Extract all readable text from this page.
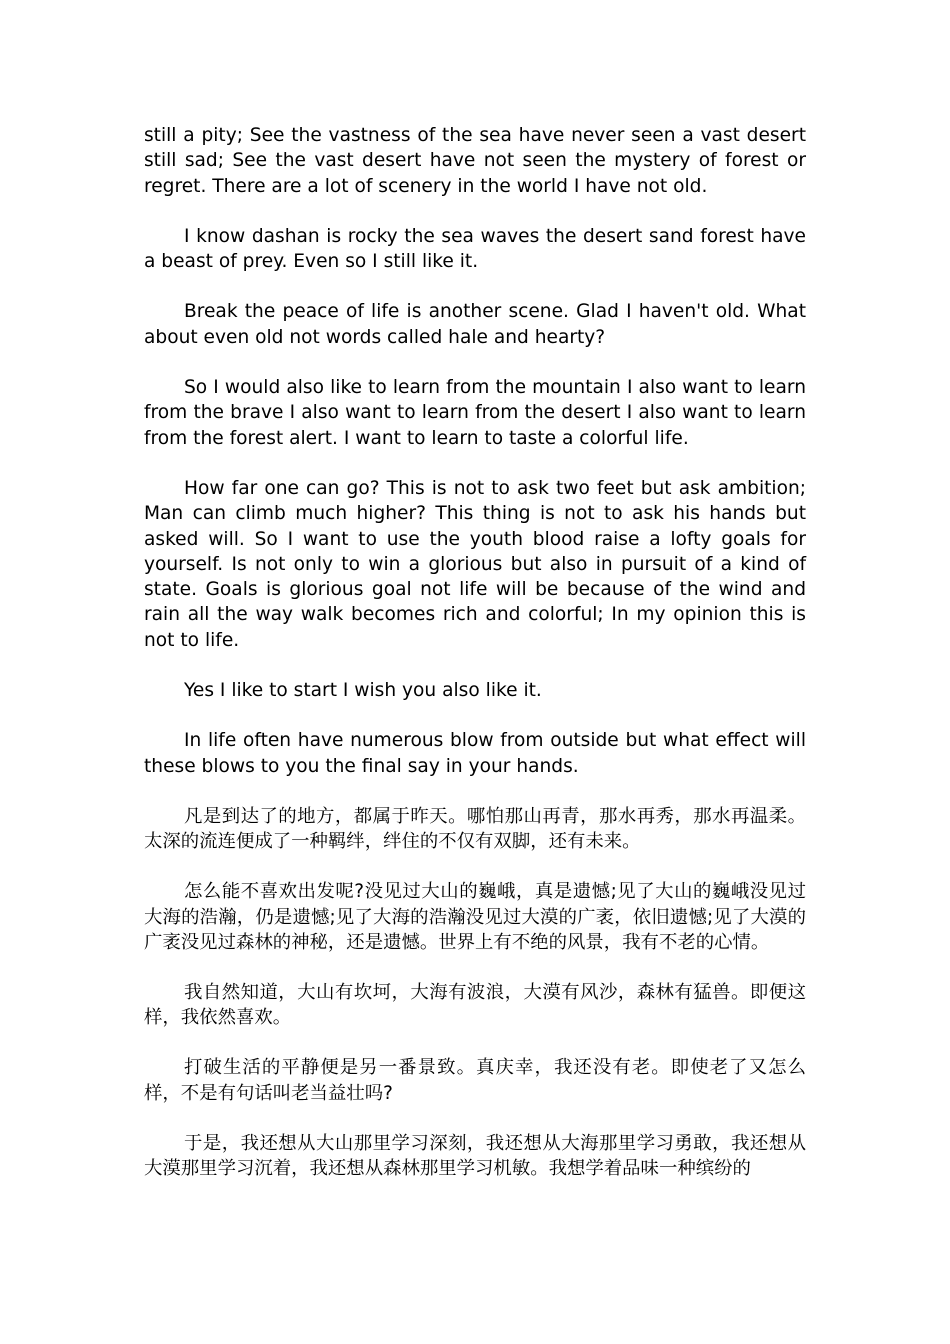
still a pity; See the vastness of the sea have never seen a vast desert still sad; See the vast desert have not seen the mystery of forest or regret. There are a lot of scenery in the world I have not old.

I know dashan is rocky the sea waves the desert sand forest have a beast of prey. Even so I still like it.

Break the peace of life is another scene. Glad I haven't old. What about even old not words called hale and hearty?

So I would also like to learn from the mountain I also want to learn from the brave I also want to learn from the desert I also want to learn from the forest alert. I want to learn to taste a colorful life.

How far one can go? This is not to ask two feet but ask ambition; Man can climb much higher? This thing is not to ask his hands but asked will. So I want to use the youth blood raise a lofty goals for yourself. Is not only to win a glorious but also in pursuit of a kind of state. Goals is glorious goal not life will be because of the wind and rain all the way walk becomes rich and colorful; In my opinion this is not to life.

Yes I like to start I wish you also like it.

In life often have numerous blow from outside but what effect will these blows to you the final say in your hands.

凡是到达了的地方，都属于昨天。哪怕那山再青，那水再秀，那水再温柔。太深的流连便成了一种羁绊，绊住的不仅有双脚，还有未来。

怎么能不喜欢出发呢?没见过大山的巍峨，真是遗憾;见了大山的巍峨没见过大海的浩瀚，仍是遗憾;见了大海的浩瀚没见过大漠的广袤，依旧遗憾;见了大漠的广袤没见过森林的神秘，还是遗憾。世界上有不绝的风景，我有不老的心情。

我自然知道，大山有坎坷，大海有波浪，大漠有风沙，森林有猛兽。即便这样，我依然喜欢。

打破生活的平静便是另一番景致。真庆幸，我还没有老。即使老了又怎么样，不是有句话叫老当益壮吗?

于是，我还想从大山那里学习深刻，我还想从大海那里学习勇敢，我还想从大漠那里学习沉着，我还想从森林那里学习机敏。我想学着品味一种缤纷的
